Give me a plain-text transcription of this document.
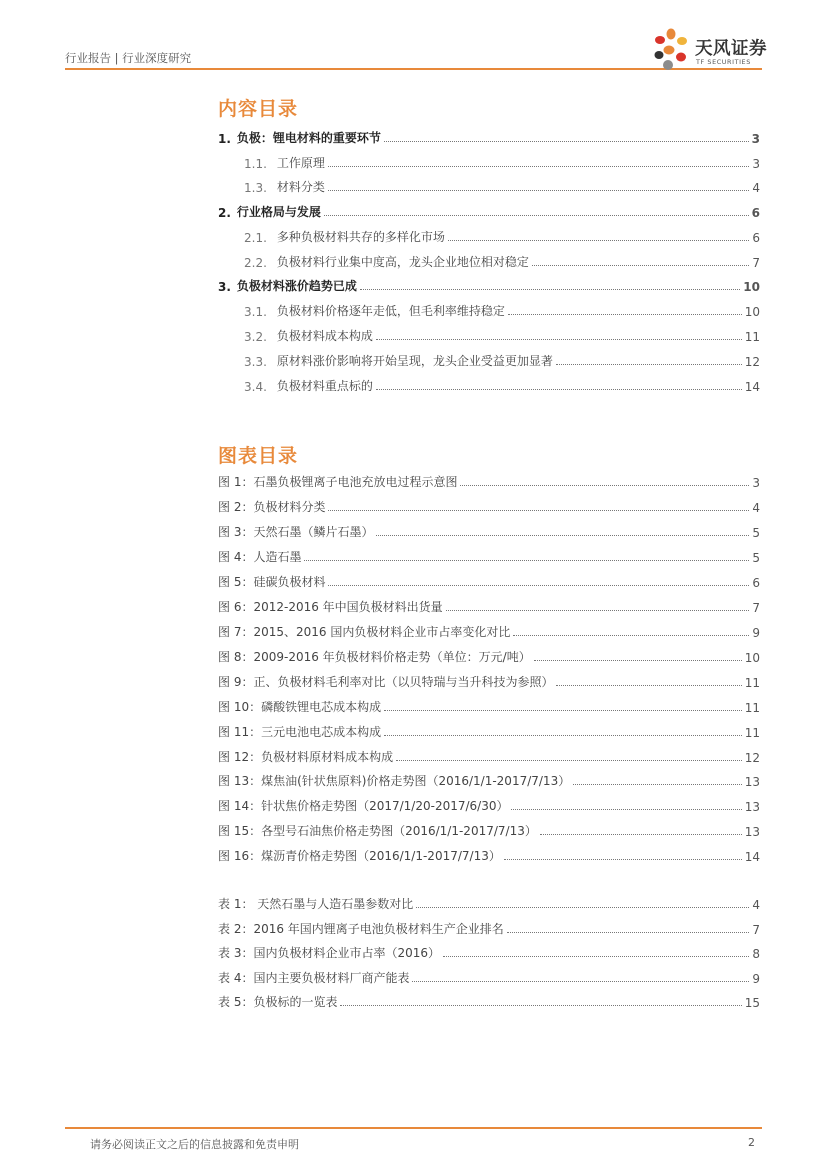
行业报告 | 行业深度研究	天风证券
TF SECURITIES
内容目录
1. 负极：锂电材料的重要环节	3
1.1. 工作原理	3
1.3. 材料分类	4
2. 行业格局与发展	6
2.1. 多种负极材料共存的多样化市场	6
2.2. 负极材料行业集中度高，龙头企业地位相对稳定	7
3. 负极材料涨价趋势已成	10
3.1. 负极材料价格逐年走低，但毛利率维持稳定	10
3.2. 负极材料成本构成	11
3.3. 原材料涨价影响将开始呈现，龙头企业受益更加显著	12
3.4. 负极材料重点标的	14
图表目录
图 1：石墨负极锂离子电池充放电过程示意图	3
图 2：负极材料分类	4
图 3：天然石墨（鳞片石墨）	5
图 4：人造石墨	5
图 5：硅碳负极材料	6
图 6：2012-2016 年中国负极材料出货量	7
图 7：2015、2016 国内负极材料企业市占率变化对比	9
图 8：2009-2016 年负极材料价格走势（单位：万元/吨）	10
图 9：正、负极材料毛利率对比（以贝特瑞与当升科技为参照）	11
图 10：磷酸铁锂电芯成本构成	11
图 11：三元电池电芯成本构成	11
图 12：负极材料原材料成本构成	12
图 13：煤焦油(针状焦原料)价格走势图（2016/1/1-2017/7/13）	13
图 14：针状焦价格走势图（2017/1/20-2017/6/30）	13
图 15：各型号石油焦价格走势图（2016/1/1-2017/7/13）	13
图 16：煤沥青价格走势图（2016/1/1-2017/7/13）	14
表 1： 天然石墨与人造石墨参数对比	4
表 2：2016 年国内锂离子电池负极材料生产企业排名	7
表 3：国内负极材料企业市占率（2016）	8
表 4：国内主要负极材料厂商产能表	9
表 5：负极标的一览表	15
请务必阅读正文之后的信息披露和免责申明	2
